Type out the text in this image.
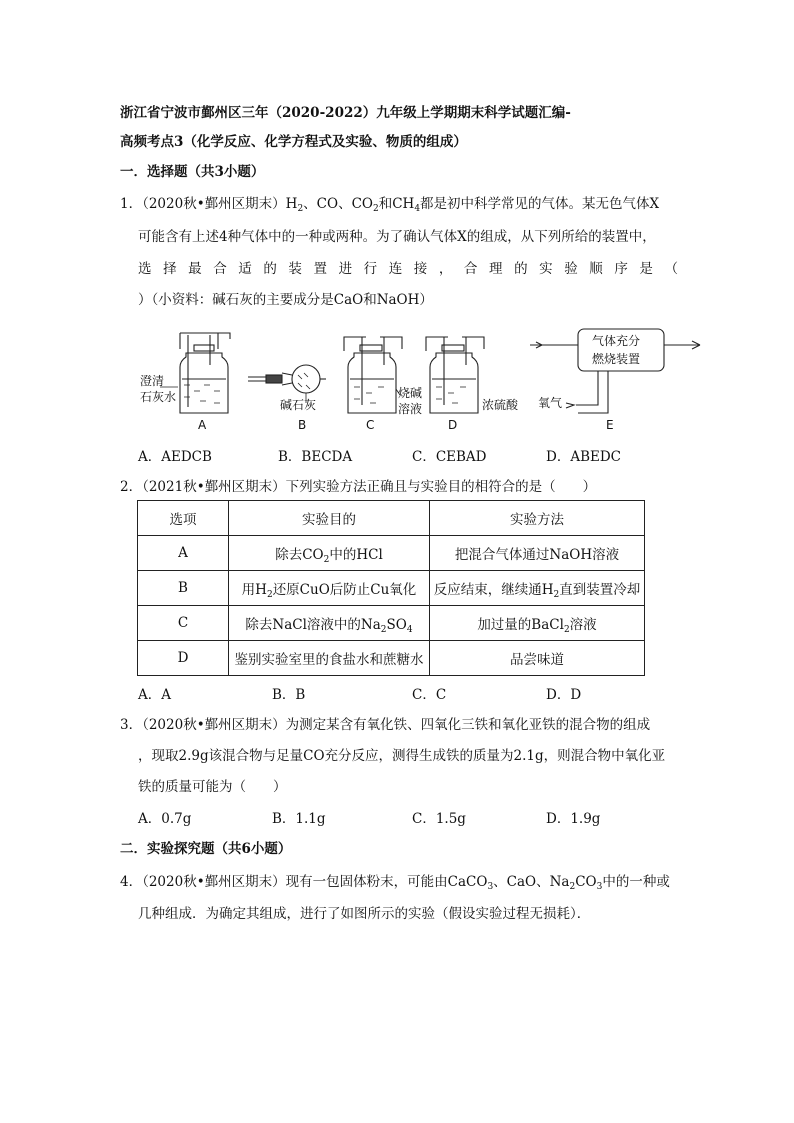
浙江省宁波市鄞州区三年（2020-2022）九年级上学期期末科学试题汇编-
高频考点3（化学反应、化学方程式及实验、物质的组成）
一．选择题（共3小题）
1．（2020秋•鄞州区期末）$H_2$、CO、$CO_2$和$CH_4$都是初中科学常见的气体。某无色气体X
可能含有上述4种气体中的一种或两种。为了确认气体X的组成，从下列所给的装置中，
选择最合适的装置进行连接，合理的实验顺序是（
）（小资料：碱石灰的主要成分是CaO和NaOH）
澄清
石灰水
碱石灰
烧碱
溶液	浓硫酸
气体充分
燃烧装置
氧气
A	B	C	D	E
A．AEDCB	B．BECDA	C．CEBAD	D．ABEDC
2．（2021秋•鄞州区期末）下列实验方法正确且与实验目的相符合的是（　　）
选项	实验目的	实验方法
A	除去$CO_2$中的HCl	把混合气体通过NaOH溶液
B	用$H_2$还原CuO后防止Cu氧化	反应结束，继续通$H_2$直到装置冷却
C	除去NaCl溶液中的$Na_2SO_4$	加过量的BaCl$_2$溶液
D	鉴别实验室里的食盐水和蔗糖水	品尝味道
A．A	B．B	C．C	D．D
3．（2020秋•鄞州区期末）为测定某含有氧化铁、四氧化三铁和氧化亚铁的混合物的组成
，现取2.9g该混合物与足量CO充分反应，测得生成铁的质量为2.1g，则混合物中氧化亚
铁的质量可能为（　　）
A．0.7g	B．1.1g	C．1.5g	D．1.9g
二．实验探究题（共6小题）
4．（2020秋•鄞州区期末）现有一包固体粉末，可能由CaCO$_3$、CaO、$Na_2CO_3$中的一种或
几种组成．为确定其组成，进行了如图所示的实验（假设实验过程无损耗）．
